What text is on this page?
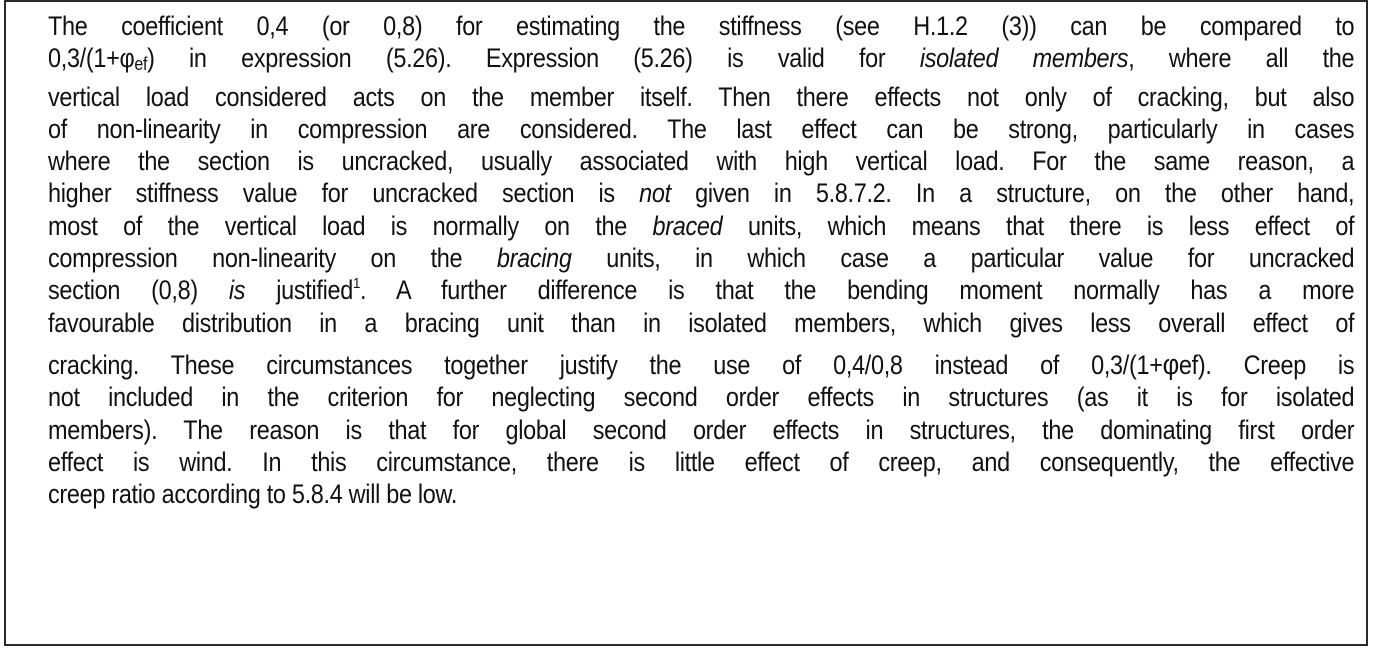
The coefficient 0,4 (or 0,8) for estimating the stiffness (see H.1.2 (3)) can be compared to
0,3/(1+φef) in expression (5.26). Expression (5.26) is valid for isolated members, where all the
vertical load considered acts on the member itself. Then there effects not only of cracking, but also
of non-linearity in compression are considered. The last effect can be strong, particularly in cases
where the section is uncracked, usually associated with high vertical load. For the same reason, a
higher stiffness value for uncracked section is not given in 5.8.7.2. In a structure, on the other hand,
most of the vertical load is normally on the braced units, which means that there is less effect of
compression non-linearity on the bracing units, in which case a particular value for uncracked
section (0,8) is justified$^1$. A further difference is that the bending moment normally has a more
favourable distribution in a bracing unit than in isolated members, which gives less overall effect of
cracking. These circumstances together justify the use of 0,4/0,8 instead of 0,3/(1+φef). Creep is
not included in the criterion for neglecting second order effects in structures (as it is for isolated
members). The reason is that for global second order effects in structures, the dominating first order
effect is wind. In this circumstance, there is little effect of creep, and consequently, the effective
creep ratio according to 5.8.4 will be low.
